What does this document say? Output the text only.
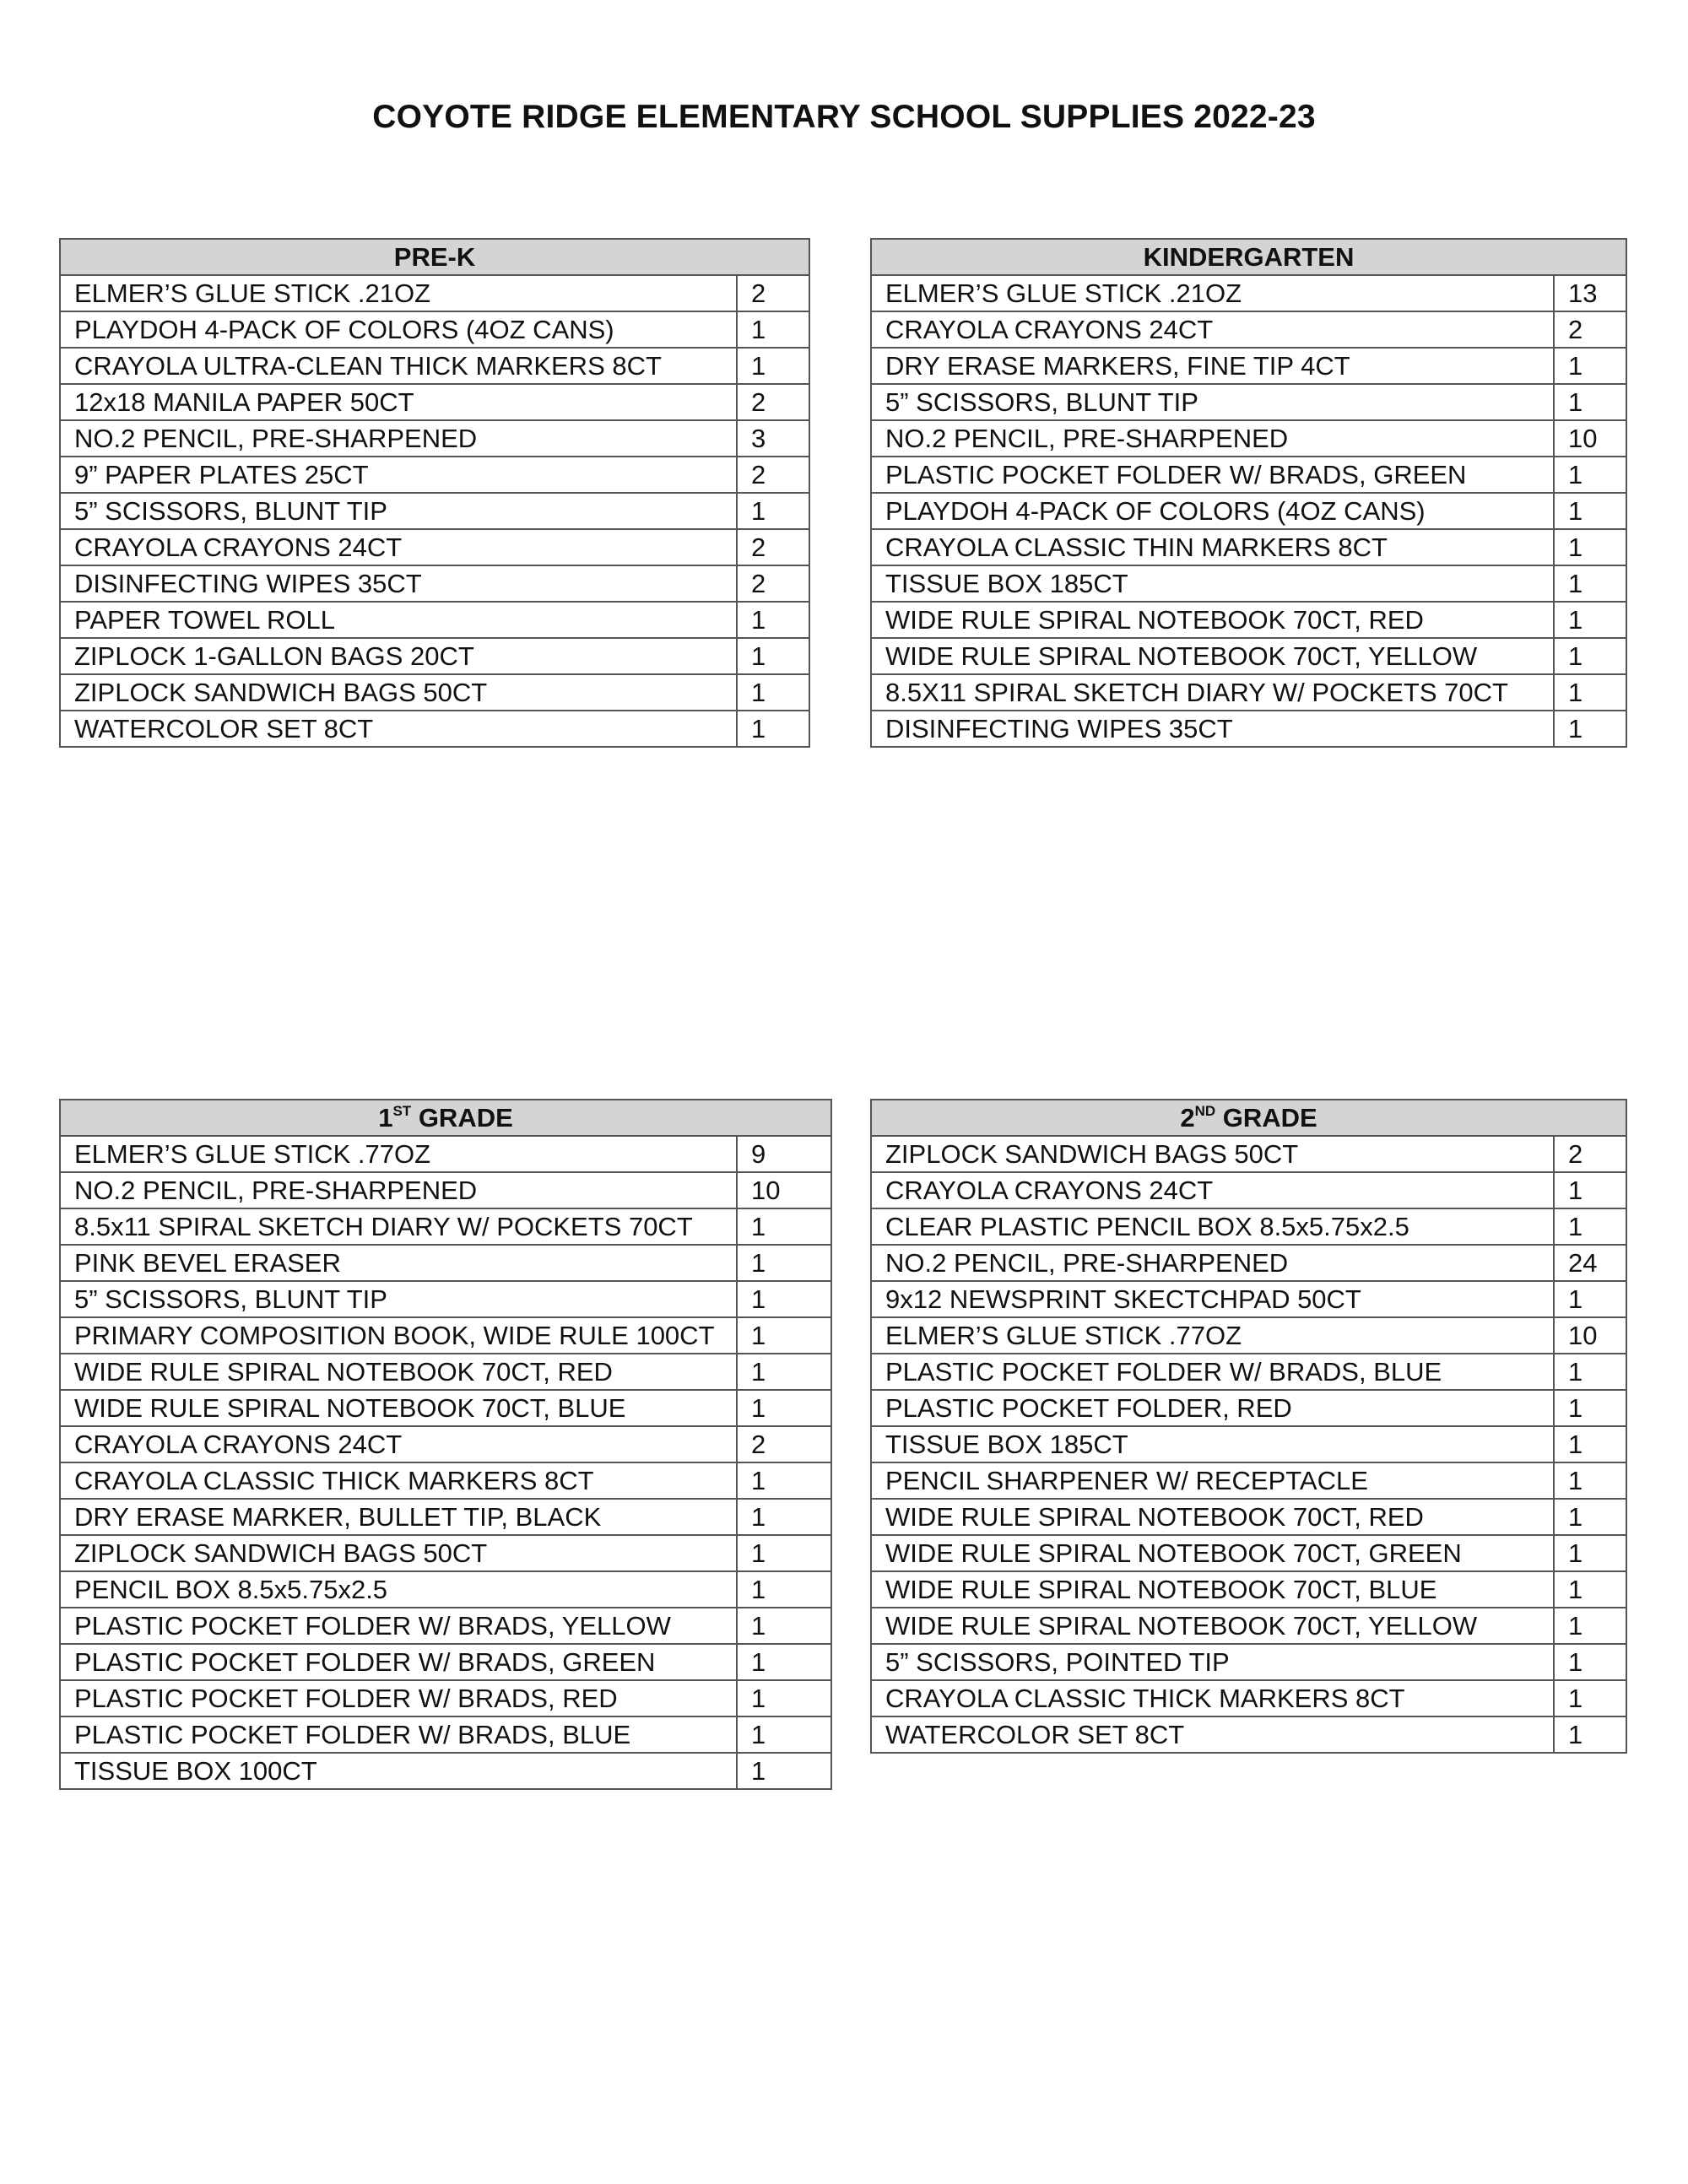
COYOTE RIDGE ELEMENTARY SCHOOL SUPPLIES 2022-23
PRE-K	
ELMER’S GLUE STICK .21OZ	2
PLAYDOH 4-PACK OF COLORS (4OZ CANS)	1
CRAYOLA ULTRA-CLEAN THICK MARKERS 8CT	1
12x18 MANILA PAPER 50CT	2
NO.2 PENCIL, PRE-SHARPENED	3
9” PAPER PLATES 25CT	2
5” SCISSORS, BLUNT TIP	1
CRAYOLA CRAYONS 24CT	2
DISINFECTING WIPES 35CT	2
PAPER TOWEL ROLL	1
ZIPLOCK 1-GALLON BAGS 20CT	1
ZIPLOCK SANDWICH BAGS 50CT	1
WATERCOLOR SET 8CT	1
KINDERGARTEN	
ELMER’S GLUE STICK .21OZ	13
CRAYOLA CRAYONS 24CT	2
DRY ERASE MARKERS, FINE TIP 4CT	1
5” SCISSORS, BLUNT TIP	1
NO.2 PENCIL, PRE-SHARPENED	10
PLASTIC POCKET FOLDER W/ BRADS, GREEN	1
PLAYDOH 4-PACK OF COLORS (4OZ CANS)	1
CRAYOLA CLASSIC THIN MARKERS 8CT	1
TISSUE BOX 185CT	1
WIDE RULE SPIRAL NOTEBOOK 70CT, RED	1
WIDE RULE SPIRAL NOTEBOOK 70CT, YELLOW	1
8.5X11 SPIRAL SKETCH DIARY W/ POCKETS 70CT	1
DISINFECTING WIPES 35CT	1
1ST GRADE	
ELMER’S GLUE STICK .77OZ	9
NO.2 PENCIL, PRE-SHARPENED	10
8.5x11 SPIRAL SKETCH DIARY W/ POCKETS 70CT	1
PINK BEVEL ERASER	1
5” SCISSORS, BLUNT TIP	1
PRIMARY COMPOSITION BOOK, WIDE RULE 100CT	1
WIDE RULE SPIRAL NOTEBOOK 70CT, RED	1
WIDE RULE SPIRAL NOTEBOOK 70CT, BLUE	1
CRAYOLA CRAYONS 24CT	2
CRAYOLA CLASSIC THICK MARKERS 8CT	1
DRY ERASE MARKER, BULLET TIP, BLACK	1
ZIPLOCK SANDWICH BAGS 50CT	1
PENCIL BOX 8.5x5.75x2.5	1
PLASTIC POCKET FOLDER W/ BRADS, YELLOW	1
PLASTIC POCKET FOLDER W/ BRADS, GREEN	1
PLASTIC POCKET FOLDER W/ BRADS, RED	1
PLASTIC POCKET FOLDER W/ BRADS, BLUE	1
TISSUE BOX 100CT	1
2ND GRADE	
ZIPLOCK SANDWICH BAGS 50CT	2
CRAYOLA CRAYONS 24CT	1
CLEAR PLASTIC PENCIL BOX 8.5x5.75x2.5	1
NO.2 PENCIL, PRE-SHARPENED	24
9x12 NEWSPRINT SKECTCHPAD 50CT	1
ELMER’S GLUE STICK .77OZ	10
PLASTIC POCKET FOLDER W/ BRADS, BLUE	1
PLASTIC POCKET FOLDER, RED	1
TISSUE BOX 185CT	1
PENCIL SHARPENER W/ RECEPTACLE	1
WIDE RULE SPIRAL NOTEBOOK 70CT, RED	1
WIDE RULE SPIRAL NOTEBOOK 70CT, GREEN	1
WIDE RULE SPIRAL NOTEBOOK 70CT, BLUE	1
WIDE RULE SPIRAL NOTEBOOK 70CT, YELLOW	1
5” SCISSORS, POINTED TIP	1
CRAYOLA CLASSIC THICK MARKERS 8CT	1
WATERCOLOR SET 8CT	1
